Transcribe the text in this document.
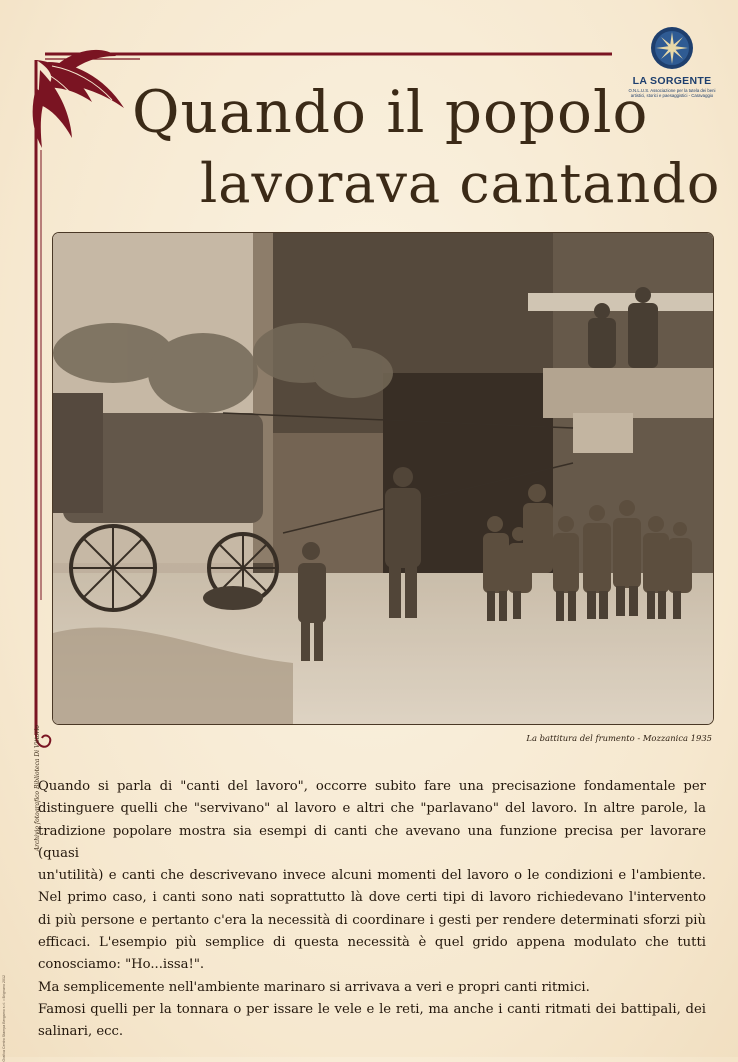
Quando il popolo
lavorava cantando
LA SORGENTE
O.N.L.U.S. Associazione per la tutela dei beni artistici, storici e paesaggistici - Caravaggio
Archivio fotografico Biblioteca Di Vittorio	La battitura del frumento - Mozzanica 1935

Quando si parla di "canti del lavoro", occorre subito fare una precisazione fondamentale per

distinguere quelli che "servivano" al lavoro e altri che "parlavano" del lavoro. In altre parole, la

tradizione popolare mostra sia esempi di canti che avevano una funzione precisa per lavorare (quasi

un'utilità) e canti che descrivevano invece alcuni momenti del lavoro o le condizioni e l'ambiente.

Nel primo caso, i canti sono nati soprattutto là dove certi tipi di lavoro richiedevano l'intervento

di più persone e pertanto c'era la necessità di coordinare i gesti per rendere determinati sforzi più

efficaci. L'esempio più semplice di questa necessità è quel grido appena modulato che tutti

conosciamo: "Ho...issa!".

Ma semplicemente nell'ambiente marinaro si arrivava a veri e propri canti ritmici.

Famosi quelli per la tonnara o per issare le vele e le reti, ma anche i canti ritmati dei battipali, dei

salinari, ecc.

Grafica Centro Stampa Bergamo s.r.l. • Brignano 2012
